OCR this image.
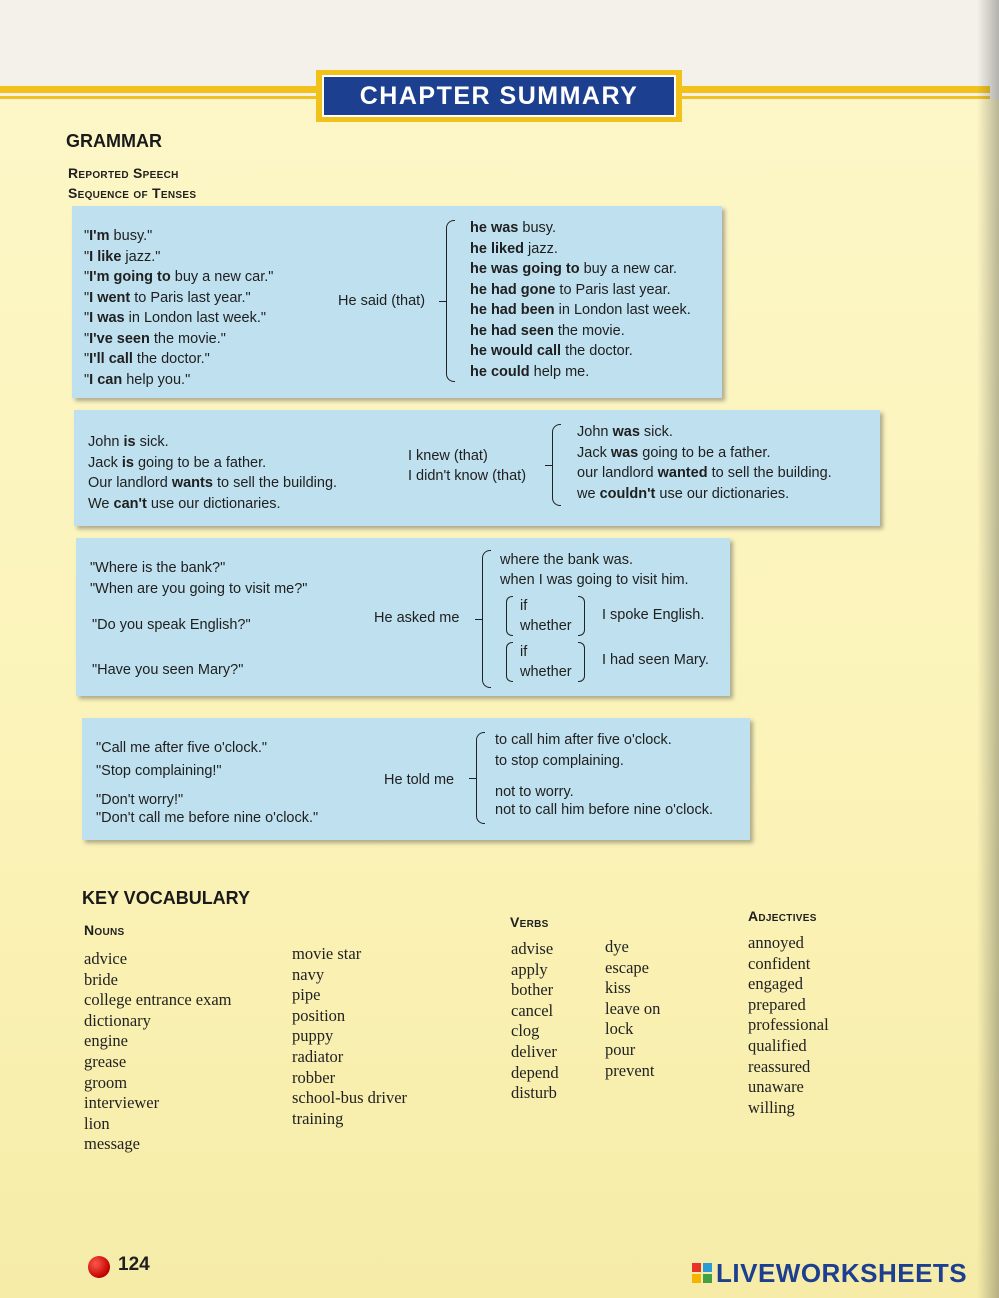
CHAPTER SUMMARY
GRAMMAR
Reported Speech
Sequence of Tenses
"I'm busy."
"I like jazz."
"I'm going to buy a new car."
"I went to Paris last year."
"I was in London last week."
"I've seen the movie."
"I'll call the doctor."
"I can help you."
He said (that)
he was busy.
he liked jazz.
he was going to buy a new car.
he had gone to Paris last year.
he had been in London last week.
he had seen the movie.
he would call the doctor.
he could help me.
John is sick.
Jack is going to be a father.
Our landlord wants to sell the building.
We can't use our dictionaries.
I knew (that)
I didn't know (that)
John was sick.
Jack was going to be a father.
our landlord wanted to sell the building.
we couldn't use our dictionaries.
"Where is the bank?"
"When are you going to visit me?"
"Do you speak English?"
"Have you seen Mary?"
He asked me
where the bank was.
when I was going to visit him.
if
whether
I spoke English.
if
whether
I had seen Mary.
"Call me after five o'clock."
"Stop complaining!"
"Don't worry!"
"Don't call me before nine o'clock."
He told me
to call him after five o'clock.
to stop complaining.
not to worry.
not to call him before nine o'clock.
KEY VOCABULARY
Nouns
advice
bride
college entrance exam
dictionary
engine
grease
groom
interviewer
lion
message
movie star
navy
pipe
position
puppy
radiator
robber
school-bus driver
training
Verbs
advise
apply
bother
cancel
clog
deliver
depend
disturb
dye
escape
kiss
leave on
lock
pour
prevent
Adjectives
annoyed
confident
engaged
prepared
professional
qualified
reassured
unaware
willing
124	LIVEWORKSHEETS
